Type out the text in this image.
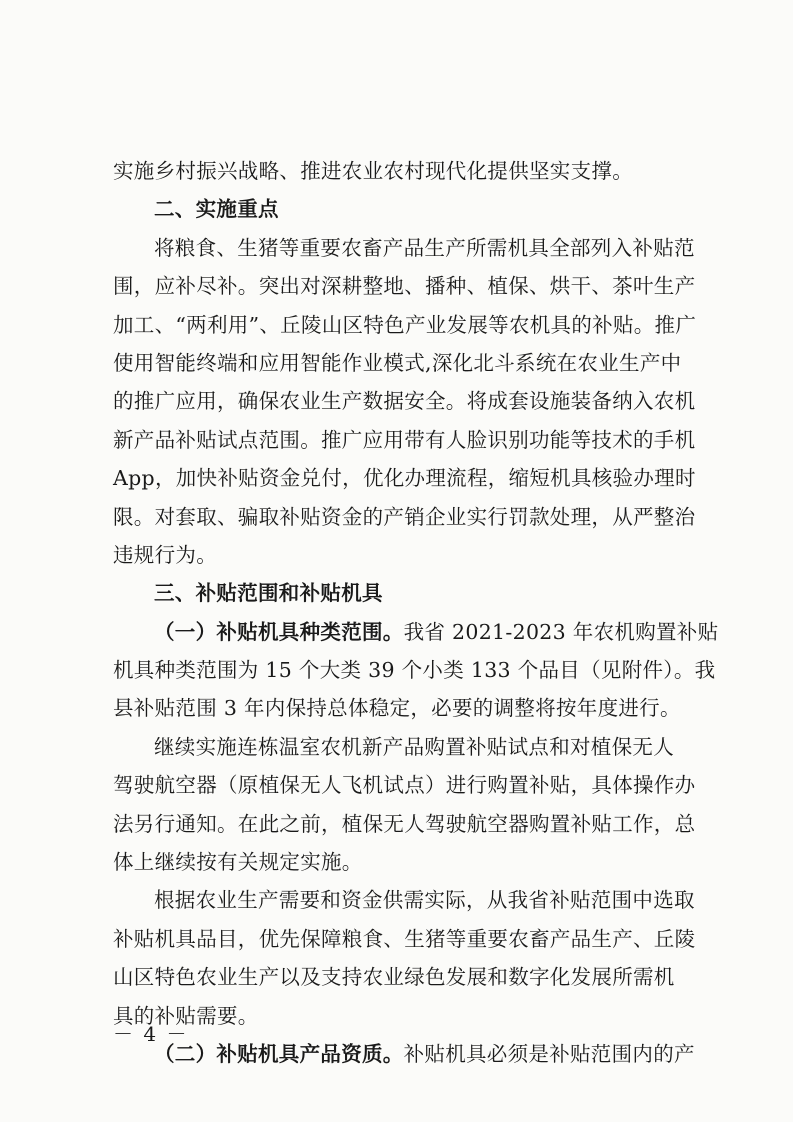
实施乡村振兴战略、推进农业农村现代化提供坚实支撑。
二、实施重点
将粮食、生猪等重要农畜产品生产所需机具全部列入补贴范
围，应补尽补。突出对深耕整地、播种、植保、烘干、茶叶生产
加工、“两利用”、丘陵山区特色产业发展等农机具的补贴。推广
使用智能终端和应用智能作业模式,深化北斗系统在农业生产中
的推广应用，确保农业生产数据安全。将成套设施装备纳入农机
新产品补贴试点范围。推广应用带有人脸识别功能等技术的手机
App，加快补贴资金兑付，优化办理流程，缩短机具核验办理时
限。对套取、骗取补贴资金的产销企业实行罚款处理，从严整治
违规行为。
三、补贴范围和补贴机具
（一）补贴机具种类范围。我省 2021-2023 年农机购置补贴
机具种类范围为 15 个大类 39 个小类 133 个品目（见附件）。我
县补贴范围 3 年内保持总体稳定，必要的调整将按年度进行。
继续实施连栋温室农机新产品购置补贴试点和对植保无人
驾驶航空器（原植保无人飞机试点）进行购置补贴，具体操作办
法另行通知。在此之前，植保无人驾驶航空器购置补贴工作，总
体上继续按有关规定实施。
根据农业生产需要和资金供需实际，从我省补贴范围中选取
补贴机具品目，优先保障粮食、生猪等重要农畜产品生产、丘陵
山区特色农业生产以及支持农业绿色发展和数字化发展所需机
具的补贴需要。
（二）补贴机具产品资质。补贴机具必须是补贴范围内的产
－ 4 －
